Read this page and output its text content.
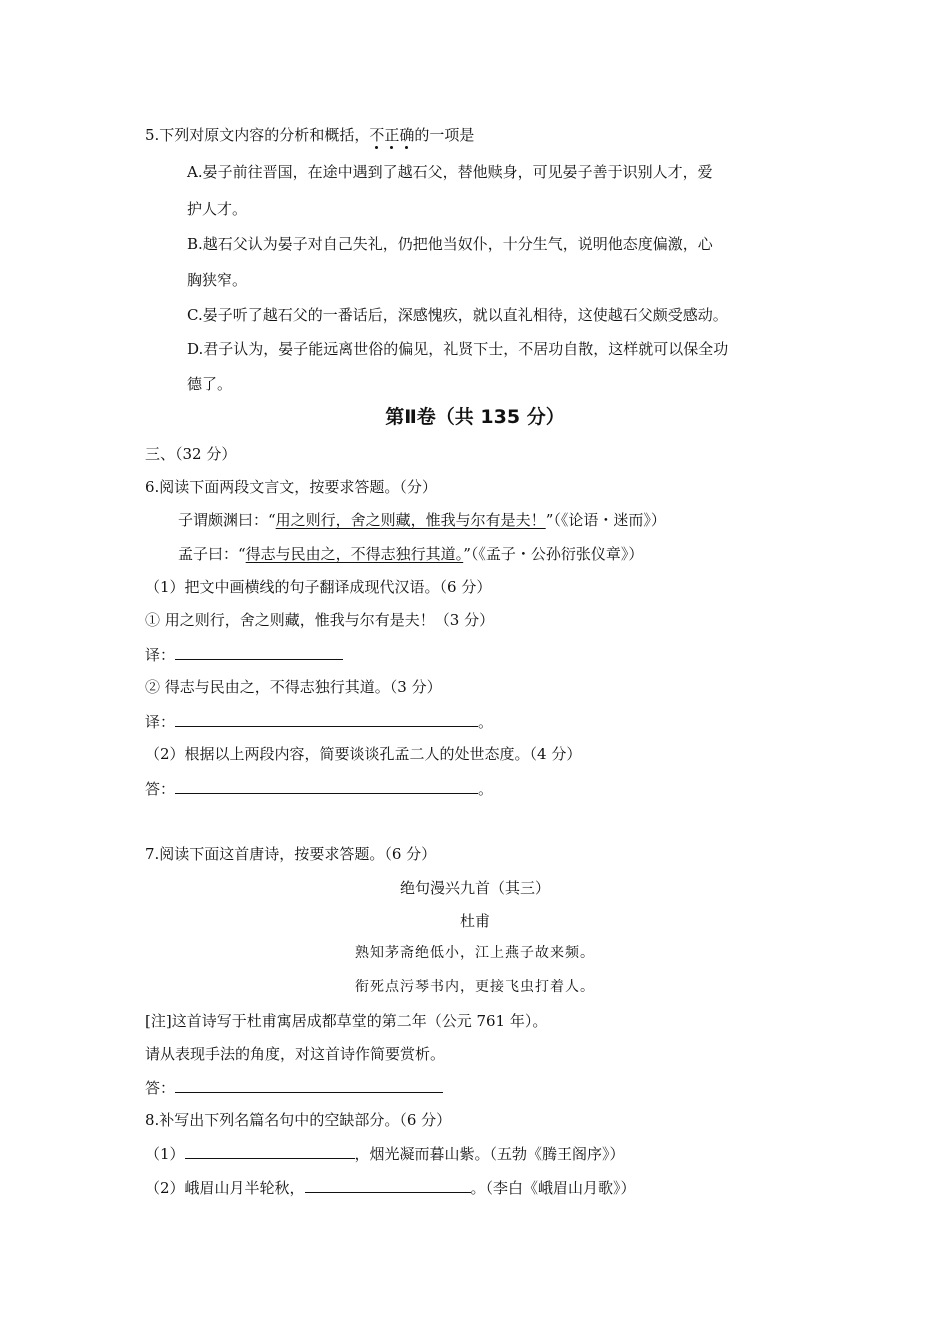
5.下列对原文内容的分析和概括，不正确的一项是
A.晏子前往晋国，在途中遇到了越石父，替他赎身，可见晏子善于识别人才，爱
护人才。
B.越石父认为晏子对自己失礼，仍把他当奴仆，十分生气，说明他态度偏激，心
胸狭窄。
C.晏子听了越石父的一番话后，深感愧疚，就以直礼相待，这使越石父颇受感动。
D.君子认为，晏子能远离世俗的偏见，礼贤下士，不居功自散，这样就可以保全功
德了。
第Ⅱ卷（共 135 分）
三、（32 分）
6.阅读下面两段文言文，按要求答题。（分）
子谓颇渊曰：“用之则行，舍之则藏，惟我与尔有是夫！”（《论语・迷而》）
孟子曰：“得志与民由之，不得志独行其道。”（《孟子・公孙衍张仪章》）
（1）把文中画横线的句子翻译成现代汉语。（6 分）
① 用之则行，舍之则藏，惟我与尔有是夫！（3 分）
译：
② 得志与民由之，不得志独行其道。（3 分）
译：	。
（2）根据以上两段内容，简要谈谈孔孟二人的处世态度。（4 分）
答：	。
7.阅读下面这首唐诗，按要求答题。（6 分）
绝句漫兴九首（其三）
杜甫
熟知茅斋绝低小，江上燕子故来频。
衔死点污琴书内，更接飞虫打着人。
[注]这首诗写于杜甫寓居成都草堂的第二年（公元 761 年）。
请从表现手法的角度，对这首诗作简要赏析。
答：
8.补写出下列名篇名句中的空缺部分。（6 分）
（1）	，烟光凝而暮山紫。（五勃《腾王阁序》）
（2）峨眉山月半轮秋，	。（李白《峨眉山月歌》）
